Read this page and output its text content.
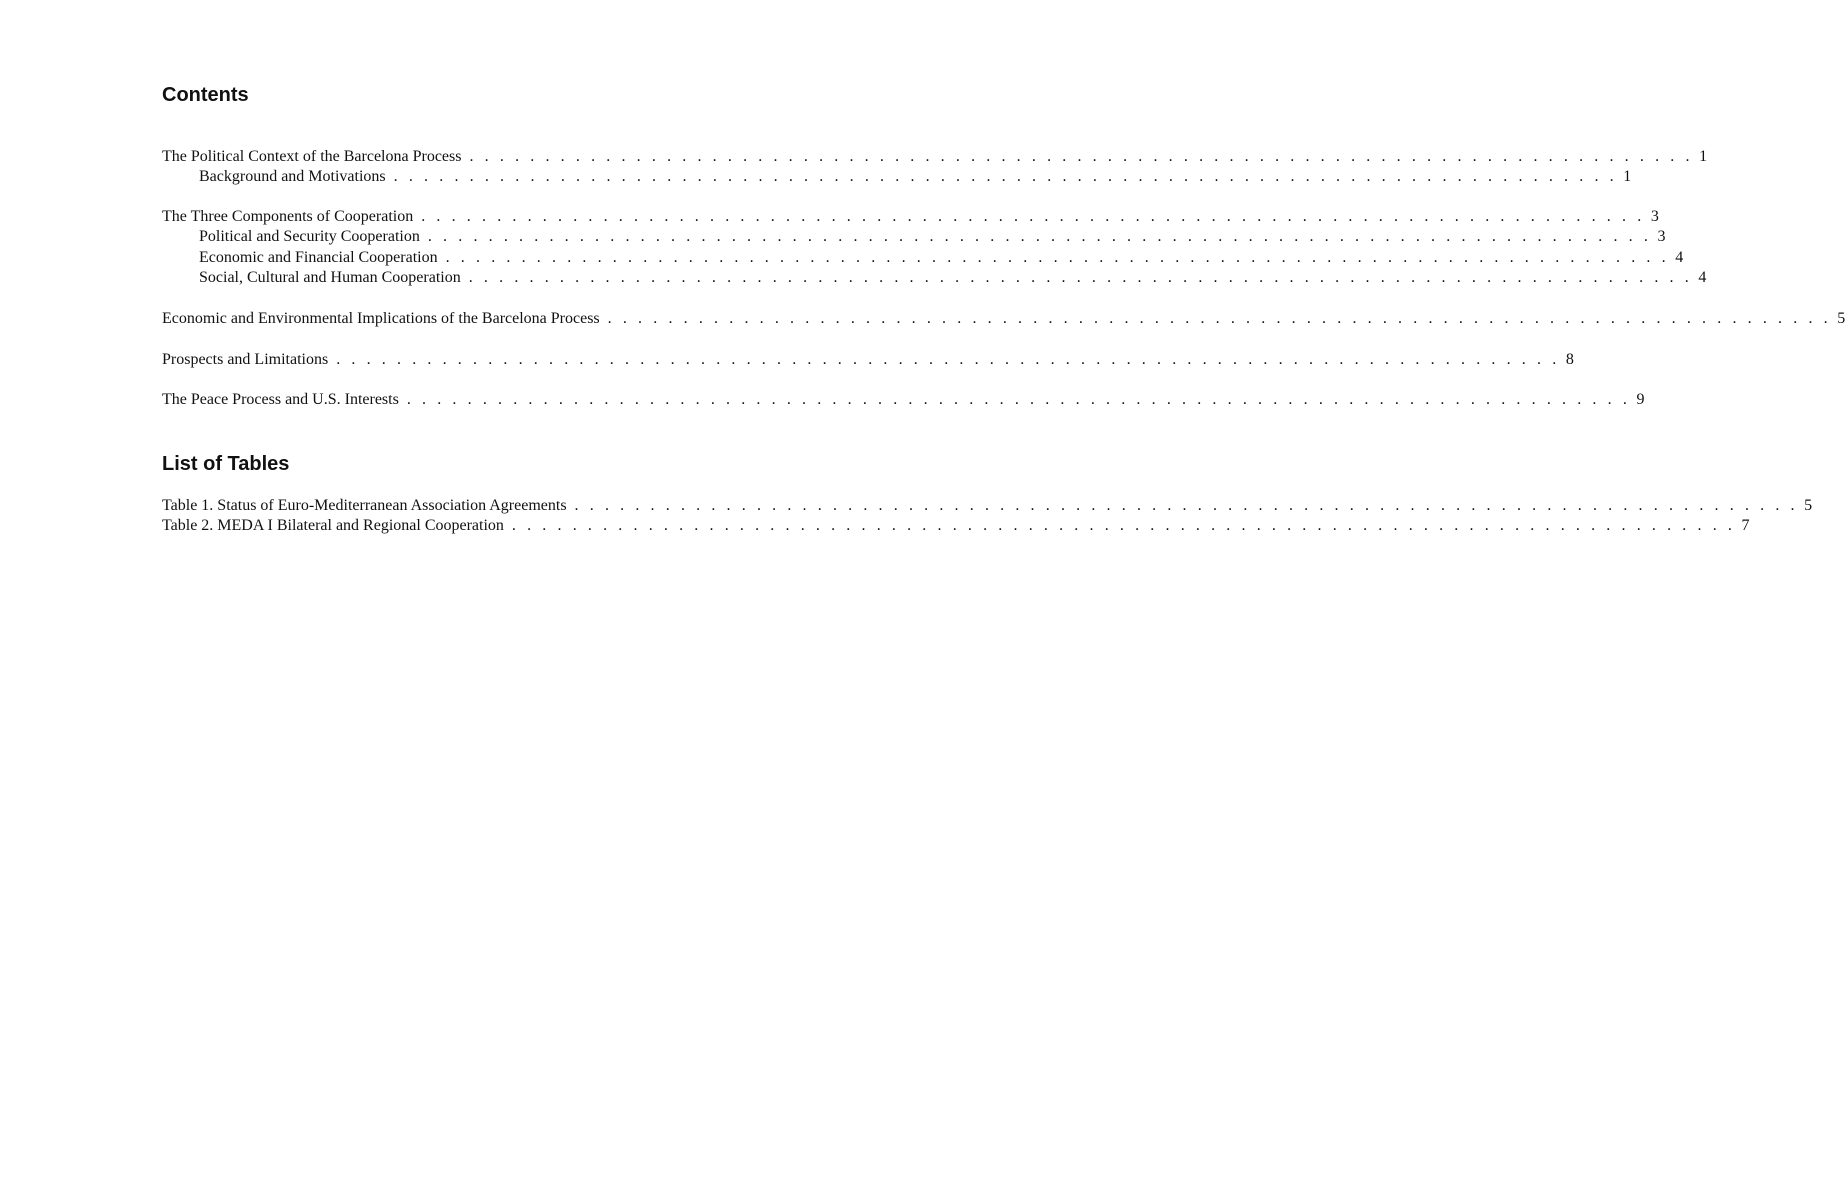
Contents
The Political Context of the Barcelona Process . . . . . . . . . . . . . . . . . . . . . . . . . . . . . . . . . . . . . . . . . . . . . . . . . . . . . . . . . . . . . . . . . . . . . . . . . . . . . . . . . 1
Background and Motivations . . . . . . . . . . . . . . . . . . . . . . . . . . . . . . . . . . . . . . . . . . . . . . . . . . . . . . . . . . . . . . . . . . . . . . . . . . . . . . . . . 1
The Three Components of Cooperation . . . . . . . . . . . . . . . . . . . . . . . . . . . . . . . . . . . . . . . . . . . . . . . . . . . . . . . . . . . . . . . . . . . . . . . . . . . . . . . . . 3
Political and Security Cooperation . . . . . . . . . . . . . . . . . . . . . . . . . . . . . . . . . . . . . . . . . . . . . . . . . . . . . . . . . . . . . . . . . . . . . . . . . . . . . . . . . 3
Economic and Financial Cooperation . . . . . . . . . . . . . . . . . . . . . . . . . . . . . . . . . . . . . . . . . . . . . . . . . . . . . . . . . . . . . . . . . . . . . . . . . . . . . . . . . 4
Social, Cultural and Human Cooperation . . . . . . . . . . . . . . . . . . . . . . . . . . . . . . . . . . . . . . . . . . . . . . . . . . . . . . . . . . . . . . . . . . . . . . . . . . . . . . . . . 4
Economic and Environmental Implications of the Barcelona Process . . . . . . . . . . . . . . . . . . . . . . . . . . . . . . . . . . . . . . . . . . . . . . . . . . . . . . . . . . . . . . . . . . . . . . . . . . . . . . . . . 5
Prospects and Limitations . . . . . . . . . . . . . . . . . . . . . . . . . . . . . . . . . . . . . . . . . . . . . . . . . . . . . . . . . . . . . . . . . . . . . . . . . . . . . . . . . 8
The Peace Process and U.S. Interests . . . . . . . . . . . . . . . . . . . . . . . . . . . . . . . . . . . . . . . . . . . . . . . . . . . . . . . . . . . . . . . . . . . . . . . . . . . . . . . . . 9
List of Tables
Table 1. Status of Euro-Mediterranean Association Agreements . . . . . . . . . . . . . . . . . . . . . . . . . . . . . . . . . . . . . . . . . . . . . . . . . . . . . . . . . . . . . . . . . . . . . . . . . . . . . . . . . 5
Table 2. MEDA I Bilateral and Regional Cooperation . . . . . . . . . . . . . . . . . . . . . . . . . . . . . . . . . . . . . . . . . . . . . . . . . . . . . . . . . . . . . . . . . . . . . . . . . . . . . . . . . 7
